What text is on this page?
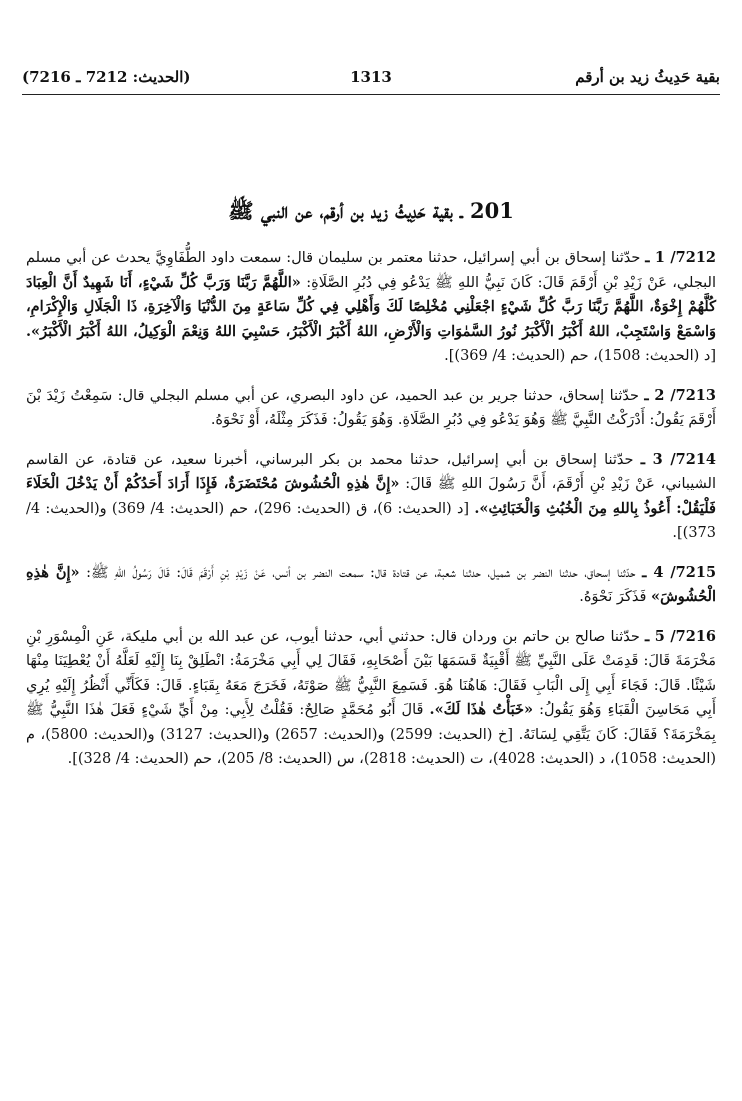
بقية حَدِيثُ زيد بن أرقم
1313
(الحديث: 7212 ـ 7216)
201 ـ بقية حَدِيثُ زيد بن أرقم، عن النبي ﷺ

7212/ 1 ـ حدّثنا إسحاق بن أبي إسرائيل، حدثنا معتمر بن سليمان قال: سمعت داود الطُّفَاوِيَّ يحدث عن أبي مسلم البجلي، عَنْ زَيْدِ بْنِ أَرْقَمَ قَالَ: كَانَ نَبِيُّ اللهِ ﷺ يَدْعُو فِي دُبُرِ الصَّلَاةِ: «اللَّهُمَّ رَبَّنَا وَرَبَّ كُلِّ شَيْءٍ، أَنَا شَهِيدٌ أَنَّ الْعِبَادَ كُلَّهُمْ إِخْوَةٌ، اللَّهُمَّ رَبَّنَا رَبَّ كُلِّ شَيْءٍ اجْعَلْنِي مُخْلِصًا لَكَ وَأَهْلِي فِي كُلِّ سَاعَةٍ مِنَ الدُّنْيَا وَالْآخِرَةِ، ذَا الْجَلَالِ وَالْإِكْرَامِ، وَاسْمَعْ وَاسْتَجِبْ، اللهُ أَكْبَرُ الْأَكْبَرُ نُورُ السَّمٰوَاتِ وَالْأَرْضِ، اللهُ أَكْبَرُ الْأَكْبَرُ، حَسْبِيَ اللهُ وَنِعْمَ الْوَكِيلُ، اللهُ أَكْبَرُ الْأَكْبَرُ». [د (الحديث: 1508)، حم (الحديث: 4/ 369)].

7213/ 2 ـ حدّثنا إسحاق، حدثنا جرير بن عبد الحميد، عن داود البصري، عن أبي مسلم البجلي قال: سَمِعْتُ زَيْدَ بْنَ أَرْقَمَ يَقُولُ: أَدْرَكْتُ النَّبِيَّ ﷺ وَهُوَ يَدْعُو فِي دُبُرِ الصَّلَاةِ. وَهُوَ يَقُولُ: فَذَكَرَ مِثْلَهُ، أَوْ نَحْوَهُ.

7214/ 3 ـ حدّثنا إسحاق بن أبي إسرائيل، حدثنا محمد بن بكر البرساني، أخبرنا سعيد، عن قتادة، عن القاسم الشيباني، عَنْ زَيْدِ بْنِ أَرْقَمَ، أَنَّ رَسُولَ اللهِ ﷺ قَالَ: «إِنَّ هٰذِهِ الْحُشُوشَ مُحْتَضَرَةٌ، فَإِذَا أَرَادَ أَحَدُكُمْ أَنْ يَدْخُلَ الْخَلَاءَ فَلْيَقُلْ: أَعُوذُ بِاللهِ مِنَ الْخُبُثِ وَالْخَبَائِثِ». [د (الحديث: 6)، ق (الحديث: 296)، حم (الحديث: 4/ 369) و(الحديث: 4/ 373)].

7215/ 4 ـ حدّثنا إسحاق، حدثنا النضر بن شميل، حدثنا شعبة، عن قتادة قال: سمعت النضر بن أنس، عَنْ زَيْدِ بْنِ أَرْقَمَ قَالَ: قَالَ رَسُولُ اللهِ ﷺ: «إِنَّ هٰذِهِ الْحُشُوشَ» فَذَكَرَ نَحْوَهُ.

7216/ 5 ـ حدّثنا صالح بن حاتم بن وردان قال: حدثني أبي، حدثنا أيوب، عن عبد الله بن أبي مليكة، عَنِ الْمِسْوَرِ بْنِ مَخْرَمَةَ قَالَ: قَدِمَتْ عَلَى النَّبِيِّ ﷺ أَقْبِيَةٌ قَسَمَهَا بَيْنَ أَصْحَابِهِ، فَقَالَ لِي أَبِي مَخْرَمَةُ: انْطَلِقْ بِنَا إِلَيْهِ لَعَلَّهُ أَنْ يُعْطِيَنَا مِنْهَا شَيْئًا. قَالَ: فَجَاءَ أَبِي إِلَى الْبَابِ فَقَالَ: هَاهُنَا هُوَ. فَسَمِعَ النَّبِيُّ ﷺ صَوْتَهُ، فَخَرَجَ مَعَهُ بِقَبَاءٍ. قَالَ: فَكَأَنِّي أَنْظُرُ إِلَيْهِ يُرِي أَبِي مَحَاسِنَ الْقَبَاءِ وَهُوَ يَقُولُ: «خَبَأْتُ هٰذَا لَكَ». قَالَ أَبُو مُحَمَّدٍ صَالِحٌ: فَقُلْتُ لِأَبِي: مِنْ أَيِّ شَيْءٍ فَعَلَ هٰذَا النَّبِيُّ ﷺ بِمَخْرَمَةَ؟ فَقَالَ: كَانَ يَتَّقِي لِسَانَهُ. [خ (الحديث: 2599) و(الحديث: 2657) و(الحديث: 3127) و(الحديث: 5800)، م (الحديث: 1058)، د (الحديث: 4028)، ت (الحديث: 2818)، س (الحديث: 8/ 205)، حم (الحديث: 4/ 328)].
